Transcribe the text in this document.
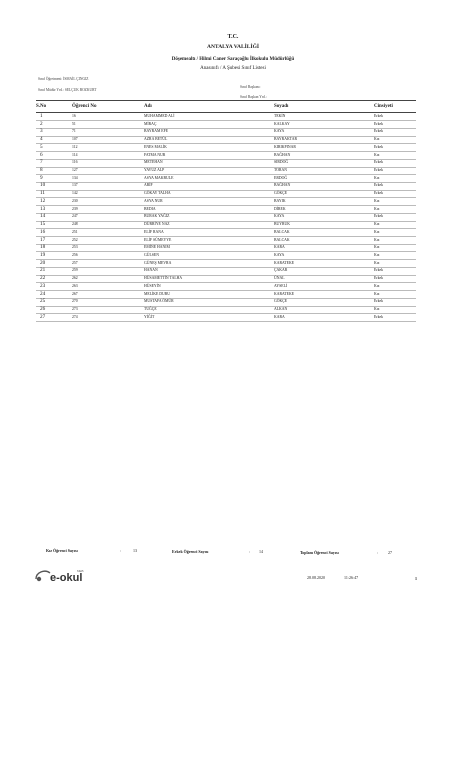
T.C.
ANTALYA VALİLİĞİ
Döşemealtı / Hilmi Caner Saraçoğlu İlkokulu Müdürlüğü
Anasınıfı / A Şubesi Sınıf Listesi
Sınıf Öğretmeni: İSMAİL ÇINGIZ
Sınıf Müdür Yrd.: SELÇUK BOZKURT
Sınıf Başkanı:
Sınıf Başkan Yrd.:
S.No	Öğrenci No	Adı	Soyadı	Cinsiyeti
1	16	MUHAMMED ALİ	TEKİN	Erkek
2	51	MİRAÇ	KALKAY	Erkek
3	71	BAYRAM EFE	KAYA	Erkek
4	107	AZRA BETÜL	BAYRAKTAR	Kız
5	112	ENES MALİK	KIRIKPINAR	Erkek
6	114	FATMA NUR	BAĞHAN	Kız
7	116	METEHAN	SIRDOĞ	Erkek
8	127	YAVUZ ALP	TORAN	Erkek
9	134	ASYA MAKBULE	ERDOĞ	Kız
10	137	ARİF	BAĞHAN	Erkek
11	142	GÖKAY TALHA	GÖKÇE	Erkek
12	230	ASYA NUR	BAYIK	Kız
13	239	BEDIA	DİREK	Kız
14	247	BURAK YAĞIZ	KAYA	Erkek
15	248	DÜRRİYE NAZ	BUYRUK	Kız
16	251	ELİF RANA	BALCAK	Kız
17	252	ELİF SÜMEYYE	BALCAK	Kız
18	253	EMİNE HANIM	KARA	Kız
19	256	GÜLSEN	KAYA	Kız
20	257	GÜNEŞ MEVRA	KARATEKE	Kız
21	259	HANAN	ÇAKAR	Erkek
22	262	HÜSAMETTİN TALHA	ÜNAL	Erkek
23	263	HÜSEYİN	AYSELİ	Kız
24	267	MELİKE DURU	KARATEKE	Kız
25	270	MUSTAFA ÖMÜR	GÖKÇE	Erkek
26	273	TUĞÇE	ALKAN	Kız
27	274	YİĞİT	KARA	Erkek
Kız Öğrenci Sayısı	:	13	Erkek Öğrenci Sayısı	: 14	Toplam Öğrenci Sayısı	: 27
e-okul
MEB
28.08.2020	11:26:47	1
